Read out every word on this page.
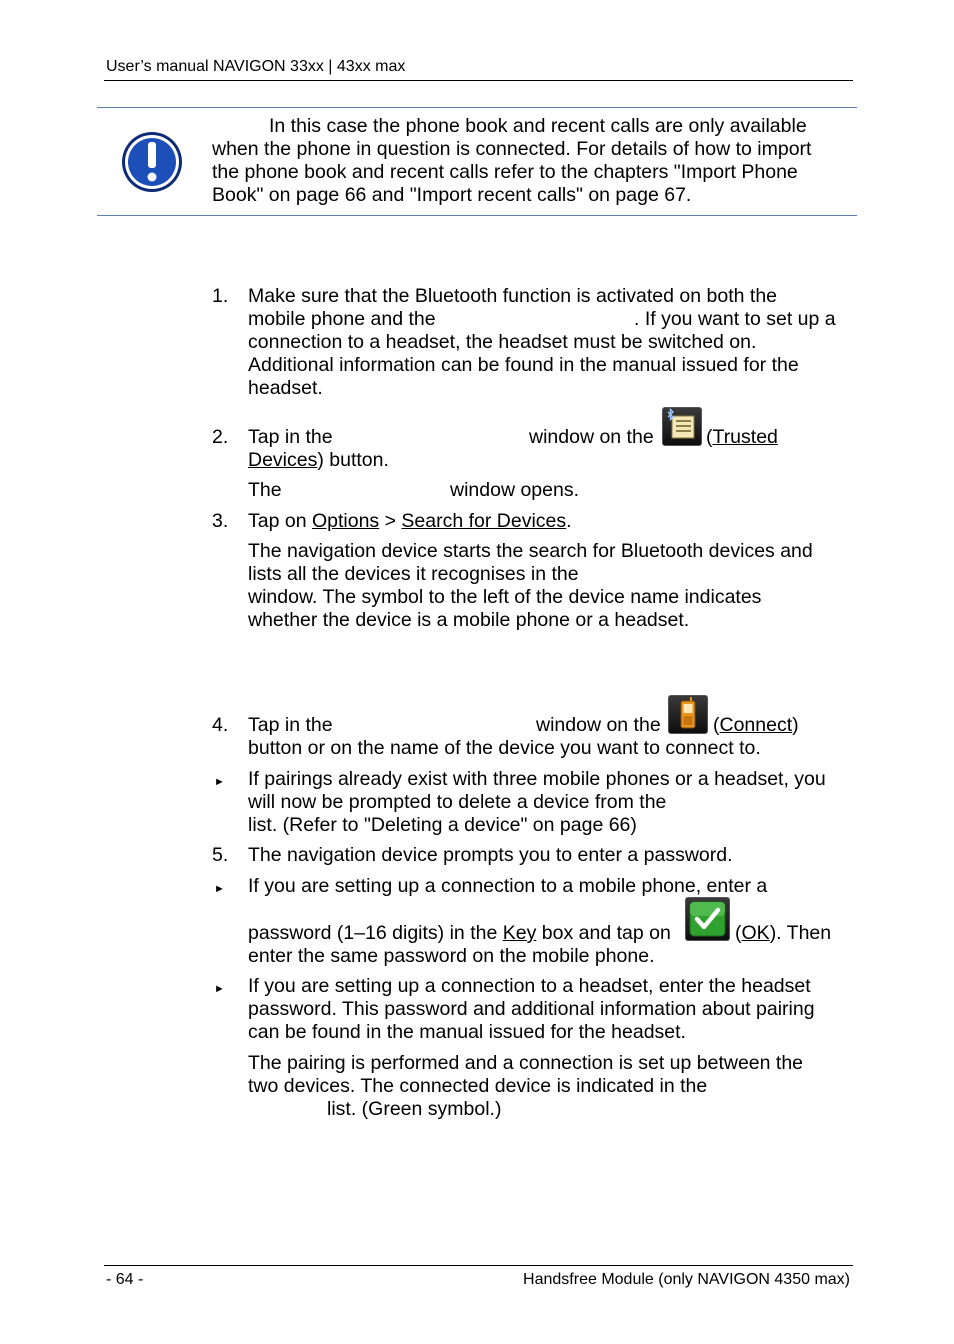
User’s manual NAVIGON 33xx | 43xx max
In this case the phone book and recent calls are only available
when the phone in question is connected. For details of how to import
the phone book and recent calls refer to the chapters "Import Phone
Book" on page 66 and "Import recent calls" on page 67.
1. Make sure that the Bluetooth function is activated on both the
mobile phone and the	. If you want to set up a
connection to a headset, the headset must be switched on.
Additional information can be found in the manual issued for the
headset.
2. Tap in the	window on the	(Trusted
Devices) button.
The	window opens.
3. Tap on Options > Search for Devices.
The navigation device starts the search for Bluetooth devices and
lists all the devices it recognises in the
window. The symbol to the left of the device name indicates
whether the device is a mobile phone or a headset.
4. Tap in the	window on the	(Connect)
button or on the name of the device you want to connect to.
► If pairings already exist with three mobile phones or a headset, you
will now be prompted to delete a device from the
list. (Refer to "Deleting a device" on page 66)
5. The navigation device prompts you to enter a password.
► If you are setting up a connection to a mobile phone, enter a
password (1–16 digits) in the Key box and tap on	(OK). Then
enter the same password on the mobile phone.
► If you are setting up a connection to a headset, enter the headset
password. This password and additional information about pairing
can be found in the manual issued for the headset.
The pairing is performed and a connection is set up between the
two devices. The connected device is indicated in the
list. (Green symbol.)
- 64 -	Handsfree Module (only NAVIGON 4350 max)
